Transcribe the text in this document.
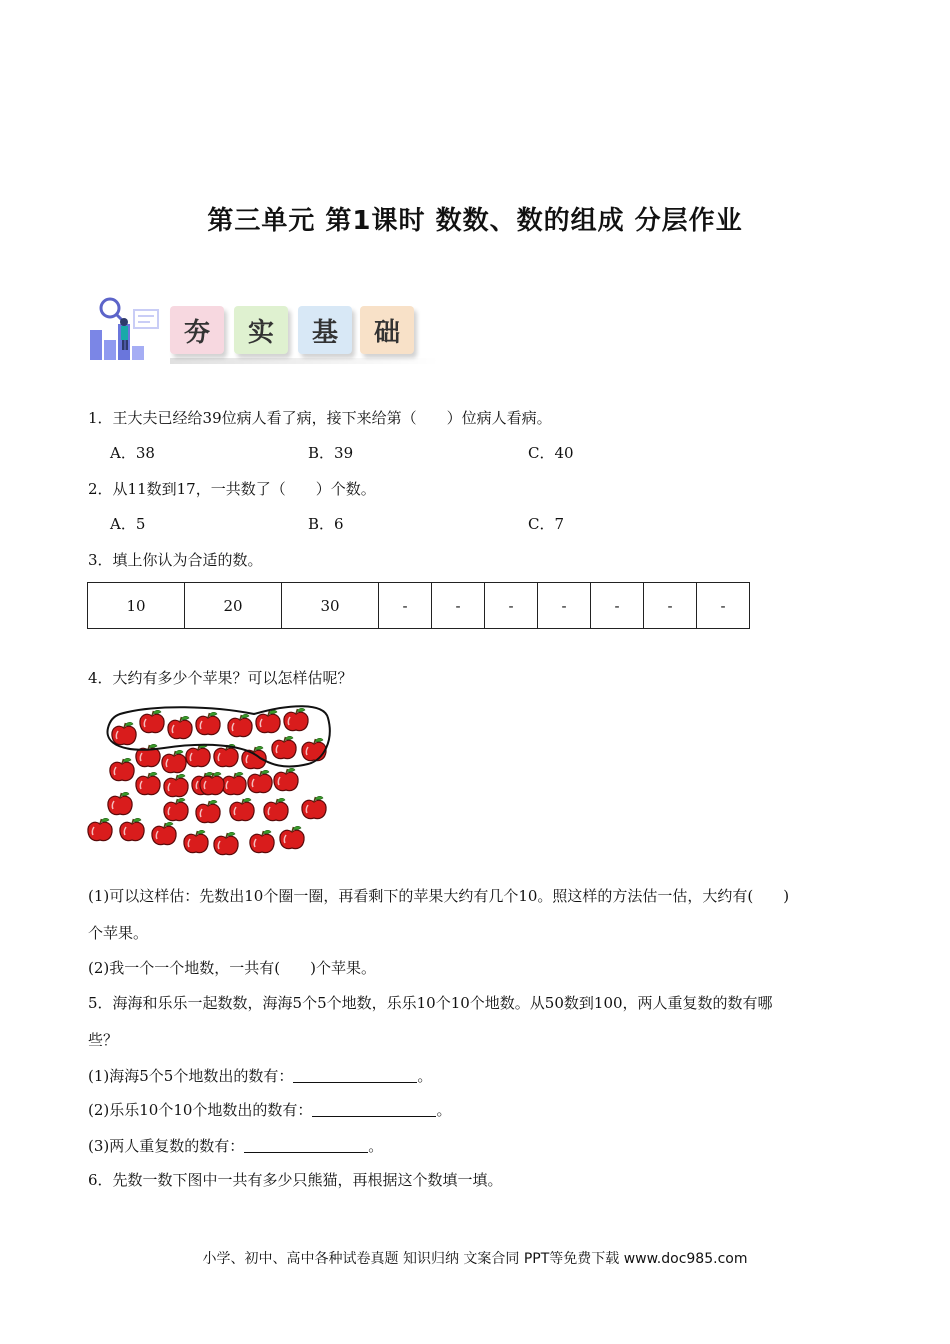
第三单元 第1课时 数数、数的组成 分层作业
夯 实 基 础
1．王大夫已经给39位病人看了病，接下来给第（　　）位病人看病。
A．38	B．39	C．40
2．从11数到17，一共数了（　　）个数。
A．5	B．6	C．7
3．填上你认为合适的数。
10	20	30	-	-	-	-	-	-	-
4．大约有多少个苹果？可以怎样估呢？
(1)可以这样估：先数出10个圈一圈，再看剩下的苹果大约有几个10。照这样的方法估一估，大约有(　　)
个苹果。
(2)我一个一个地数，一共有(　　)个苹果。
5．海海和乐乐一起数数，海海5个5个地数，乐乐10个10个地数。从50数到100，两人重复数的数有哪
些？
(1)海海5个5个地数出的数有：	。
(2)乐乐10个10个地数出的数有：	。
(3)两人重复数的数有：	。
6．先数一数下图中一共有多少只熊猫，再根据这个数填一填。
小学、初中、高中各种试卷真题 知识归纳 文案合同 PPT等免费下载 www.doc985.com
